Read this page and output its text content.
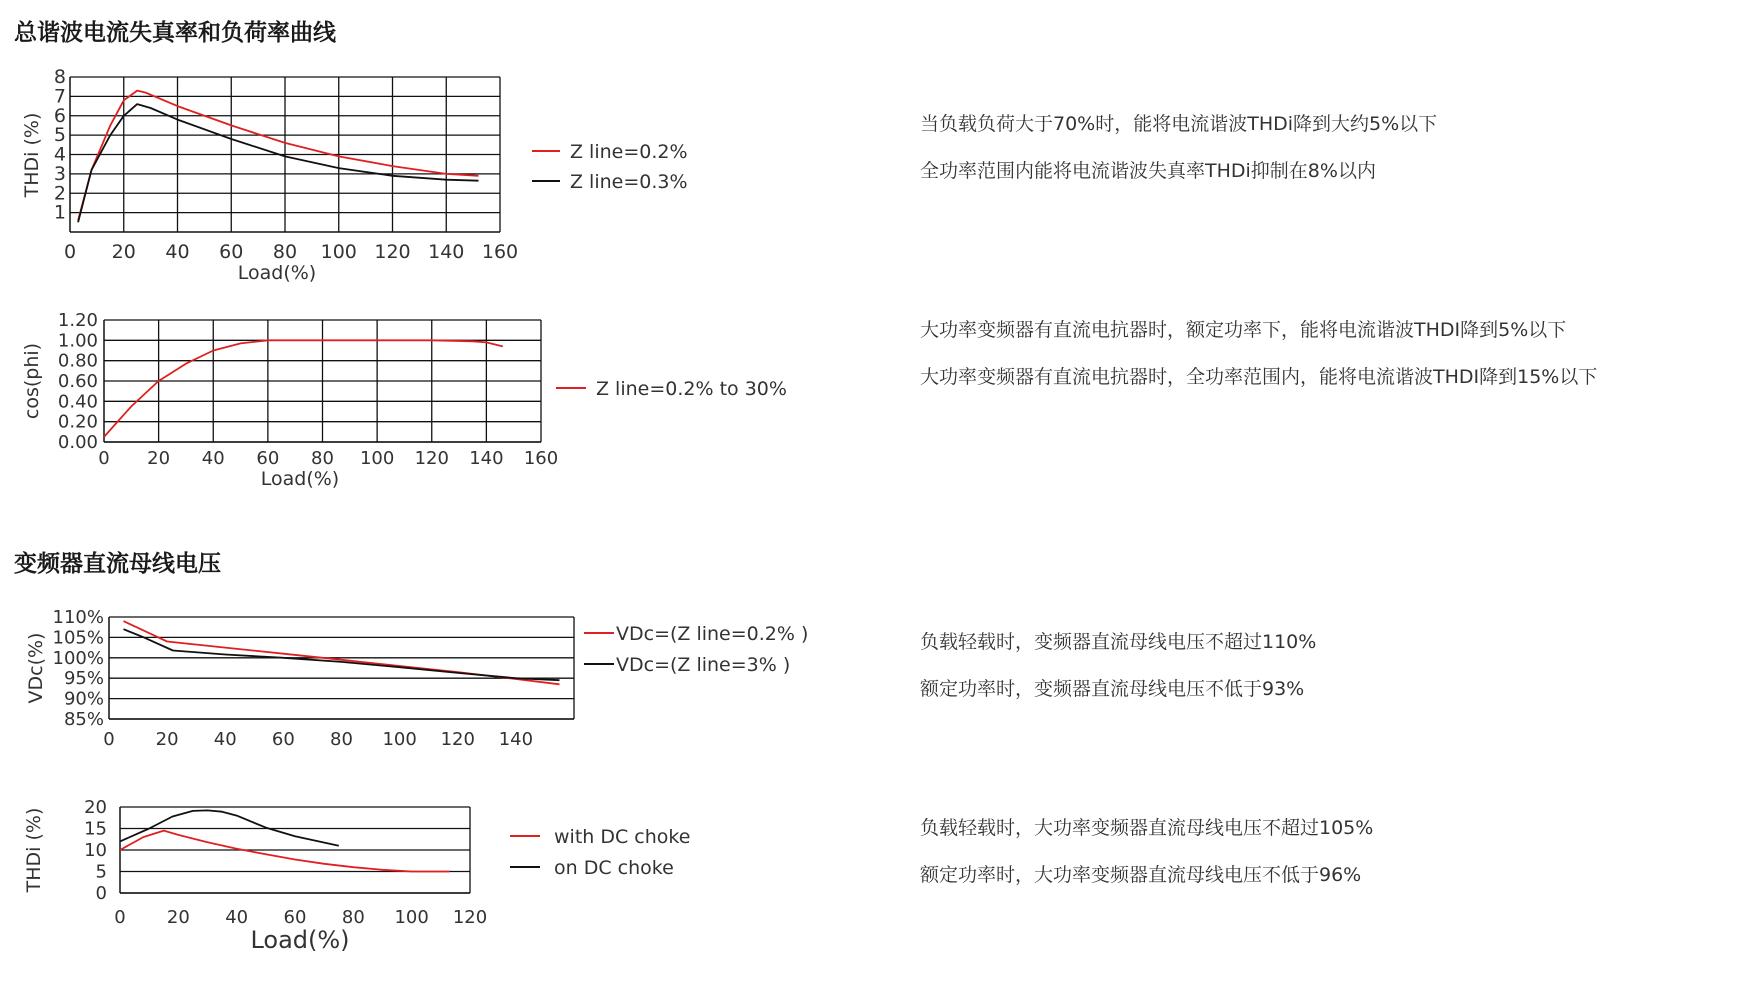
总谐波电流失真率和负荷率曲线
变频器直流母线电压
当负载负荷大于70%时，能将电流谐波THDi降到大约5%以下
全功率范围内能将电流谐波失真率THDi抑制在8%以内
大功率变频器有直流电抗器时，额定功率下，能将电流谐波THDI降到5%以下
大功率变频器有直流电抗器时，全功率范围内，能将电流谐波THDI降到15%以下
负载轻载时，变频器直流母线电压不超过110%
额定功率时，变频器直流母线电压不低于93%
负载轻载时，大功率变频器直流母线电压不超过105%
额定功率时，大功率变频器直流母线电压不低于96%
1
2
3
4
5
6
7
8
0 20 40 60 80 100 120 140 160
THDi (%)
Load(%)
Z line=0.2%
Z line=0.3%
0.00
0.20
0.40
0.60
0.80
1.00
1.20
0 20 40 60 80 100 120 140 160
cos(phi)
Load(%)
Z line=0.2% to 30%
85%
90%
95%
100%
105%
110%
0 20 40 60 80 100 120 140
VDc(%)	VDc=(Z line=0.2% )
VDc=(Z line=3% )
0
5
10
15
20
0 20 40 60 80 100 120
THDi (%)
Load(%)
with DC choke
on DC choke
